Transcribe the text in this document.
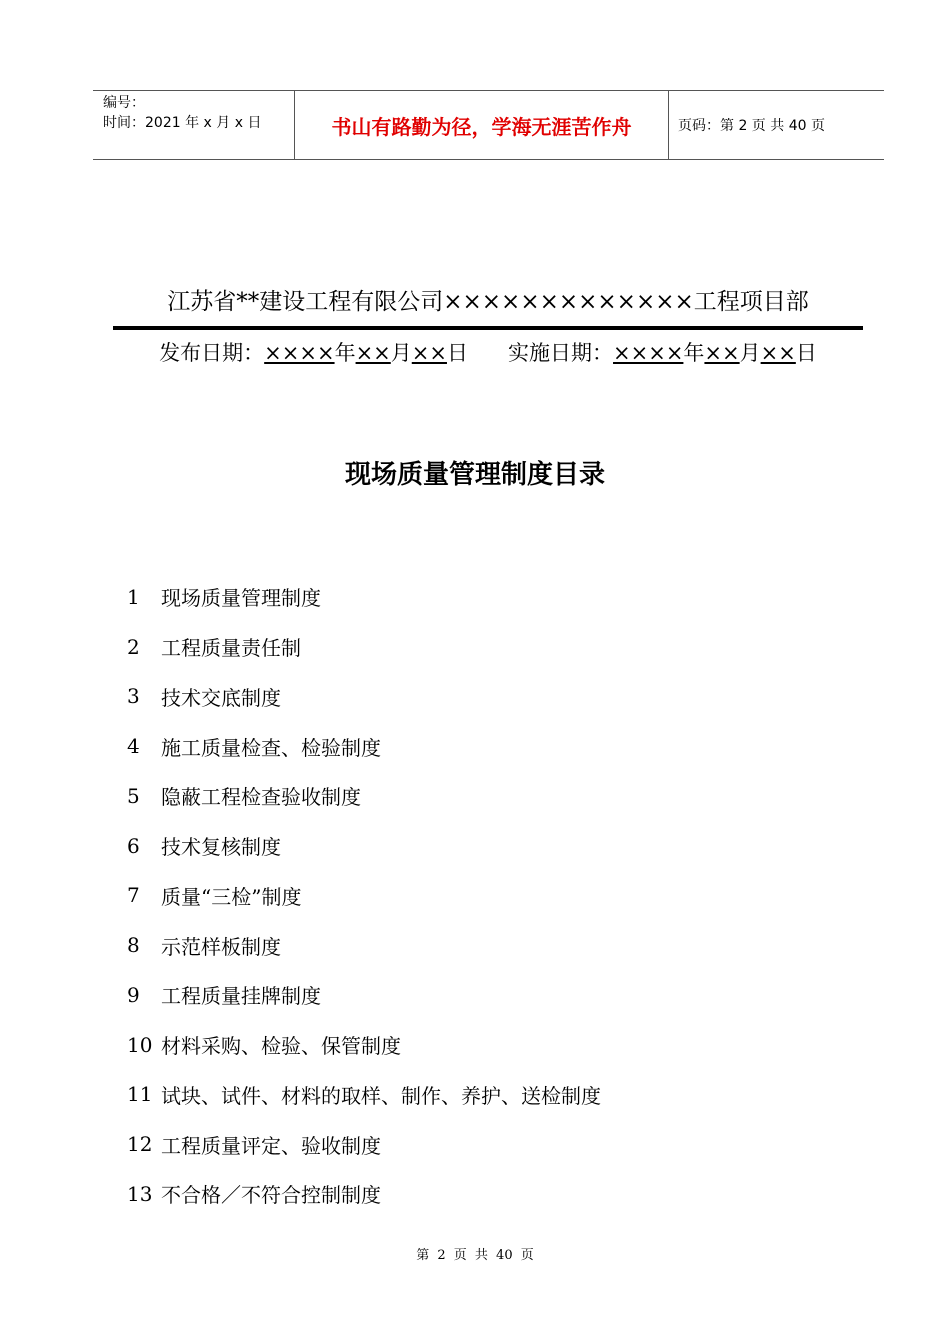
编号：
时间：2021 年 x 月 x 日	书山有路勤为径，学海无涯苦作舟	页码：第 2 页 共 40 页
江苏省**建设工程有限公司×××××××××××××工程项目部
发布日期：××××年××月××日 实施日期：××××年××月××日
现场质量管理制度目录
1	现场质量管理制度
2	工程质量责任制
3	技术交底制度
4	施工质量检查、检验制度
5	隐蔽工程检查验收制度
6	技术复核制度
7	质量“三检”制度
8	示范样板制度
9	工程质量挂牌制度
10 材料采购、检验、保管制度
11 试块、试件、材料的取样、制作、养护、送检制度
12 工程质量评定、验收制度
13 不合格／不符合控制制度
第 2 页 共 40 页
